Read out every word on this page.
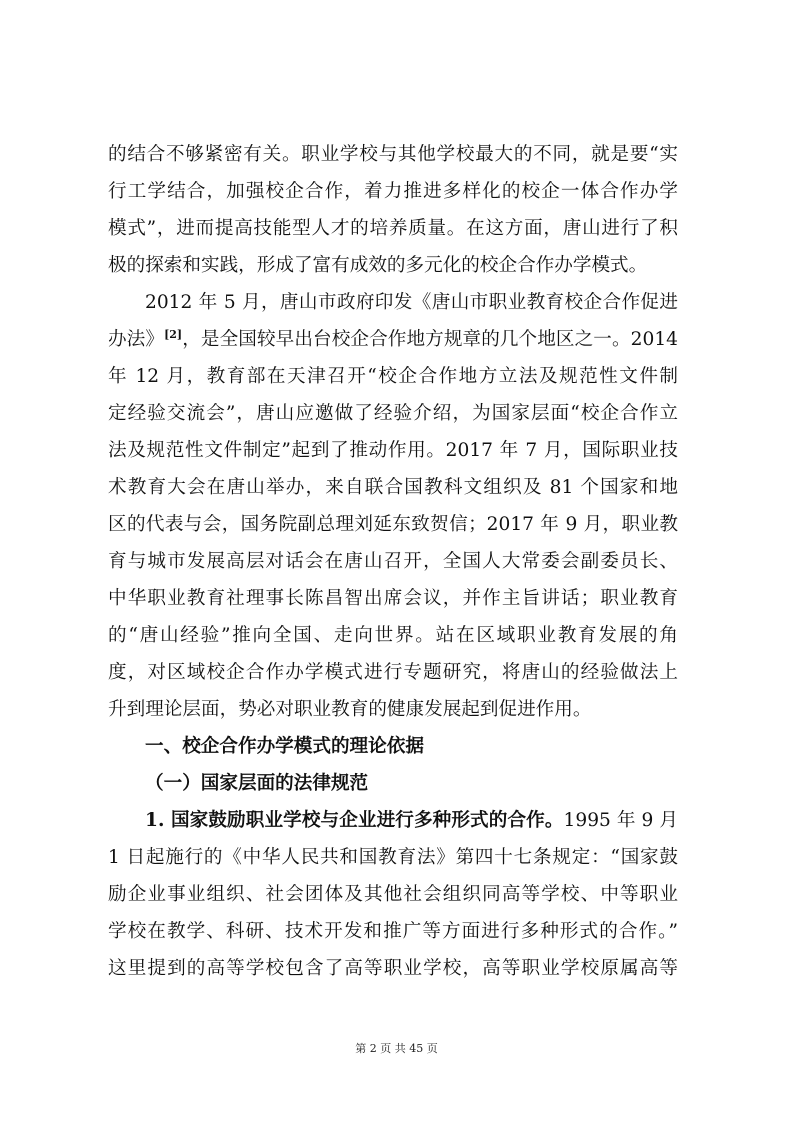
的结合不够紧密有关。职业学校与其他学校最大的不同，就是要“实
行工学结合，加强校企合作，着力推进多样化的校企一体合作办学
模式”，进而提高技能型人才的培养质量。在这方面，唐山进行了积
极的探索和实践，形成了富有成效的多元化的校企合作办学模式。
2012 年 5 月，唐山市政府印发《唐山市职业教育校企合作促进
办法》[2]，是全国较早出台校企合作地方规章的几个地区之一。2014
年 12 月，教育部在天津召开“校企合作地方立法及规范性文件制
定经验交流会”，唐山应邀做了经验介绍，为国家层面“校企合作立
法及规范性文件制定”起到了推动作用。2017 年 7 月，国际职业技
术教育大会在唐山举办，来自联合国教科文组织及 81 个国家和地
区的代表与会，国务院副总理刘延东致贺信；2017 年 9 月，职业教
育与城市发展高层对话会在唐山召开，全国人大常委会副委员长、
中华职业教育社理事长陈昌智出席会议，并作主旨讲话；职业教育
的“唐山经验”推向全国、走向世界。站在区域职业教育发展的角
度，对区域校企合作办学模式进行专题研究，将唐山的经验做法上
升到理论层面，势必对职业教育的健康发展起到促进作用。
一、校企合作办学模式的理论依据
（一）国家层面的法律规范
1. 国家鼓励职业学校与企业进行多种形式的合作。1995 年 9 月
1 日起施行的《中华人民共和国教育法》第四十七条规定：“国家鼓
励企业事业组织、社会团体及其他社会组织同高等学校、中等职业
学校在教学、科研、技术开发和推广等方面进行多种形式的合作。”
这里提到的高等学校包含了高等职业学校，高等职业学校原属高等
第 2 页 共 45 页
